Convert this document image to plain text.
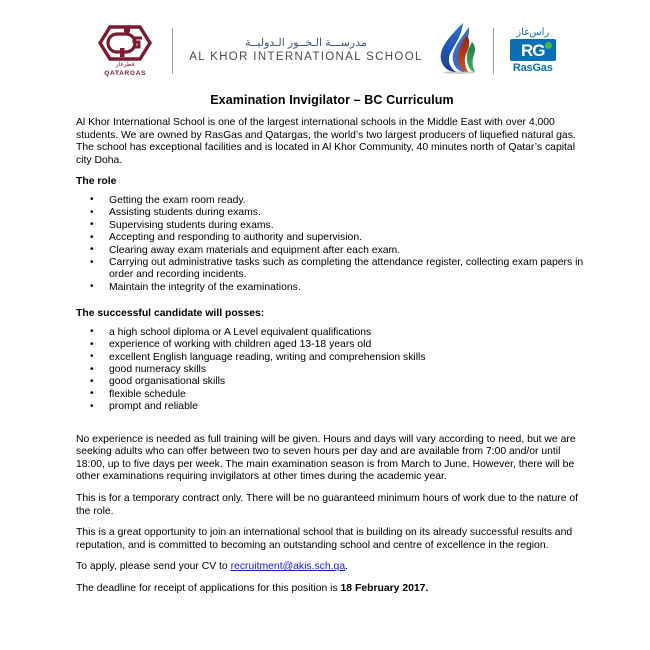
قطرغاز
QATARGAS
مدرســـة الـخــور الـدوليــة
AL KHOR INTERNATIONAL SCHOOL
راس‌غاز
RG
RasGas
Examination Invigilator – BC Curriculum

Al Khor International School is one of the largest international schools in the Middle East with over 4,000 students. We are owned by RasGas and Qatargas, the world’s two largest producers of liquefied natural gas. The school has exceptional facilities and is located in Al Khor Community, 40 minutes north of Qatar’s capital city Doha.

The role
• Getting the exam room ready.
• Assisting students during exams.
• Supervising students during exams.
• Accepting and responding to authority and supervision.
• Clearing away exam materials and equipment after each exam.
• Carrying out administrative tasks such as completing the attendance register, collecting exam papers in order and recording incidents.
• Maintain the integrity of the examinations.
The successful candidate will posses:
• a high school diploma or A Level equivalent qualifications
• experience of working with children aged 13-18 years old
• excellent English language reading, writing and comprehension skills
• good numeracy skills
• good organisational skills
• flexible schedule
• prompt and reliable

No experience is needed as full training will be given. Hours and days will vary according to need, but we are seeking adults who can offer between two to seven hours per day and are available from 7:00 and/or until 18:00, up to five days per week. The main examination season is from March to June. However, there will be other examinations requiring invigilators at other times during the academic year.

This is for a temporary contract only. There will be no guaranteed minimum hours of work due to the nature of the role.

This is a great opportunity to join an international school that is building on its already successful results and reputation, and is committed to becoming an outstanding school and centre of excellence in the region.

To apply, please send your CV to recruitment@akis.sch.qa.

The deadline for receipt of applications for this position is 18 February 2017.
